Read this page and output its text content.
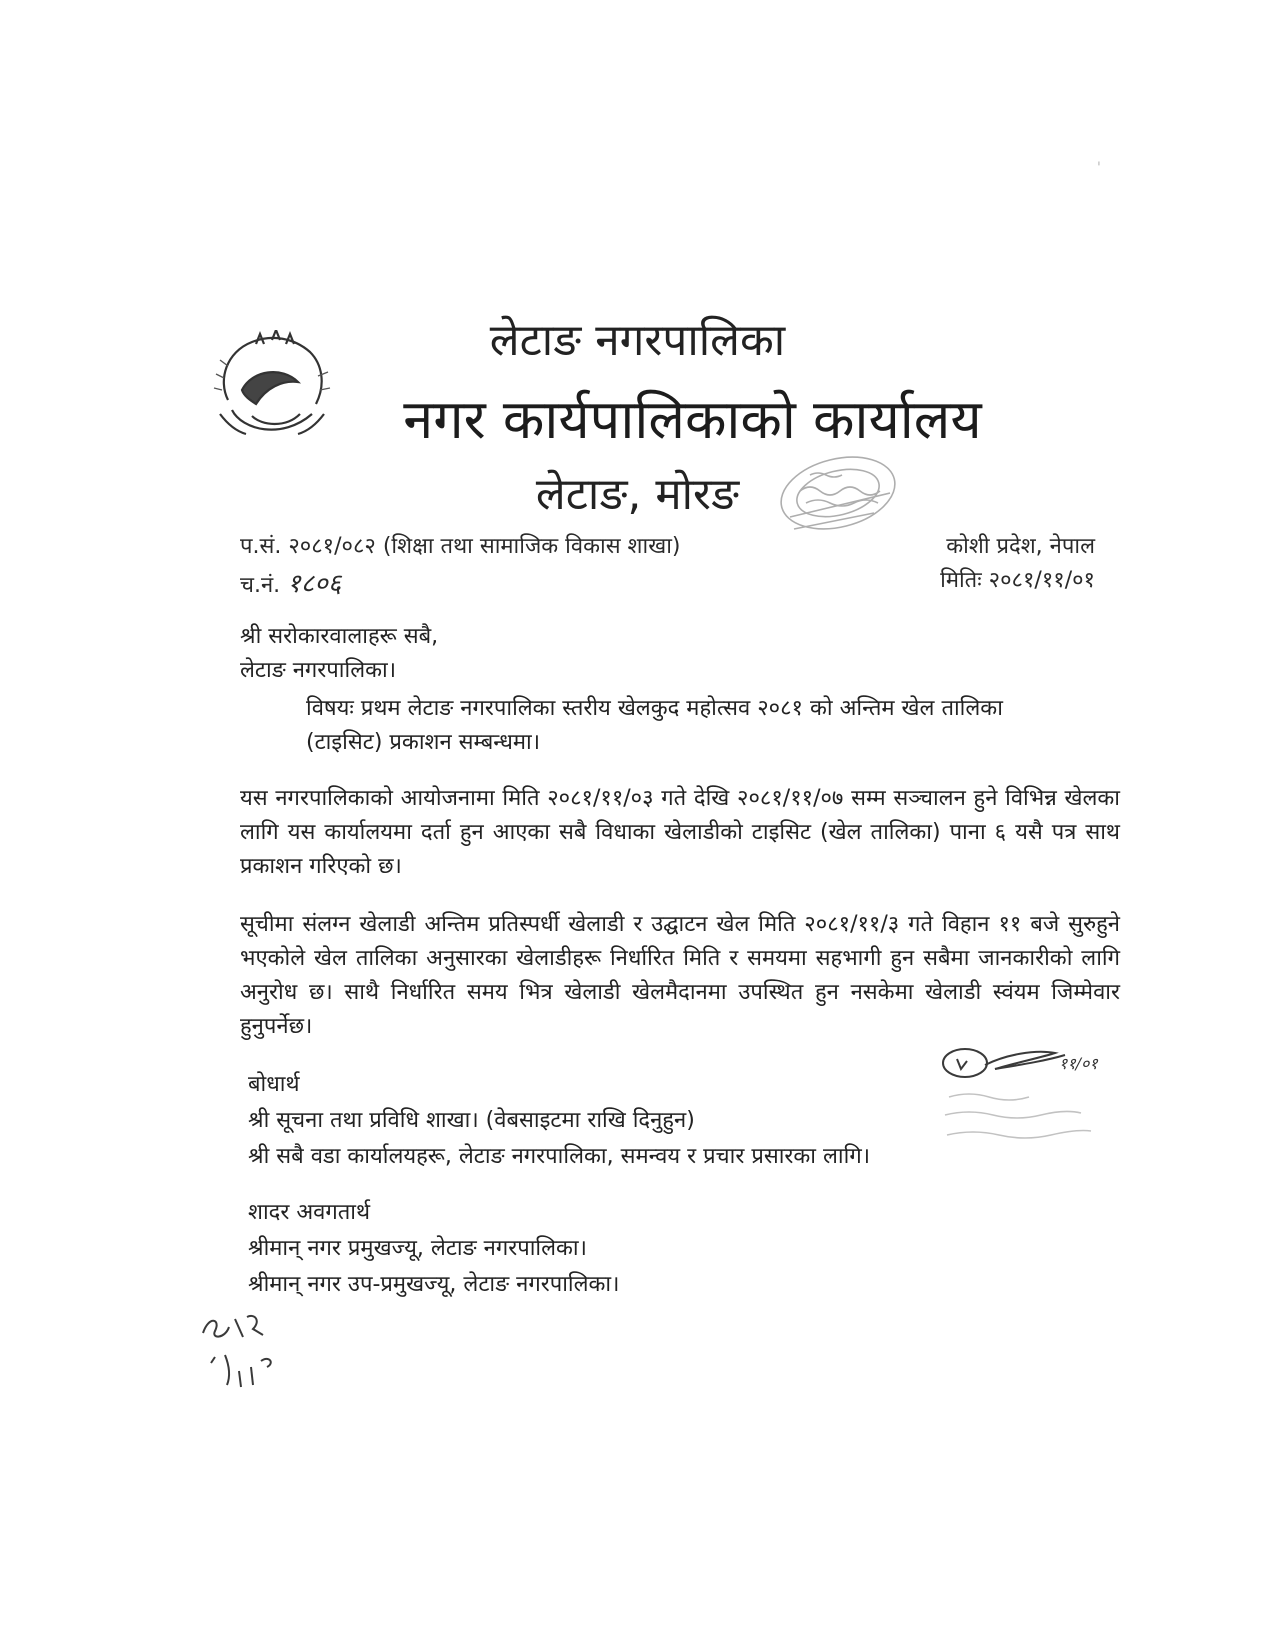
लेटाङ नगरपालिका
नगर कार्यपालिकाको कार्यालय
लेटाङ, मोरङ
प.सं. २०८१/०८२ (शिक्षा तथा सामाजिक विकास शाखा)
च.नं. १८०६
कोशी प्रदेश, नेपाल
मितिः २०८१/११/०१
श्री सरोकारवालाहरू सबै,
लेटाङ नगरपालिका।
विषयः प्रथम लेटाङ नगरपालिका स्तरीय खेलकुद महोत्सव २०८१ को अन्तिम खेल तालिका
(टाइसिट) प्रकाशन सम्बन्धमा।
यस नगरपालिकाको आयोजनामा मिति २०८१/११/०३ गते देखि २०८१/११/०७ सम्म सञ्चालन हुने विभिन्न खेलका लागि यस कार्यालयमा दर्ता हुन आएका सबै विधाका खेलाडीको टाइसिट (खेल तालिका) पाना ६ यसै पत्र साथ प्रकाशन गरिएको छ।
सूचीमा संलग्न खेलाडी अन्तिम प्रतिस्पर्धी खेलाडी र उद्घाटन खेल मिति २०८१/११/३ गते विहान ११ बजे सुरुहुने भएकोले खेल तालिका अनुसारका खेलाडीहरू निर्धारित मिति र समयमा सहभागी हुन सबैमा जानकारीको लागि अनुरोध छ। साथै निर्धारित समय भित्र खेलाडी खेलमैदानमा उपस्थित हुन नसकेमा खेलाडी स्वंयम जिम्मेवार हुनुपर्नेछ।
११/०१
बोधार्थ
श्री सूचना तथा प्रविधि शाखा। (वेबसाइटमा राखि दिनुहुन)
श्री सबै वडा कार्यालयहरू, लेटाङ नगरपालिका, समन्वय र प्रचार प्रसारका लागि।
शादर अवगतार्थ
श्रीमान् नगर प्रमुखज्यू, लेटाङ नगरपालिका।
श्रीमान् नगर उप-प्रमुखज्यू, लेटाङ नगरपालिका।
'
